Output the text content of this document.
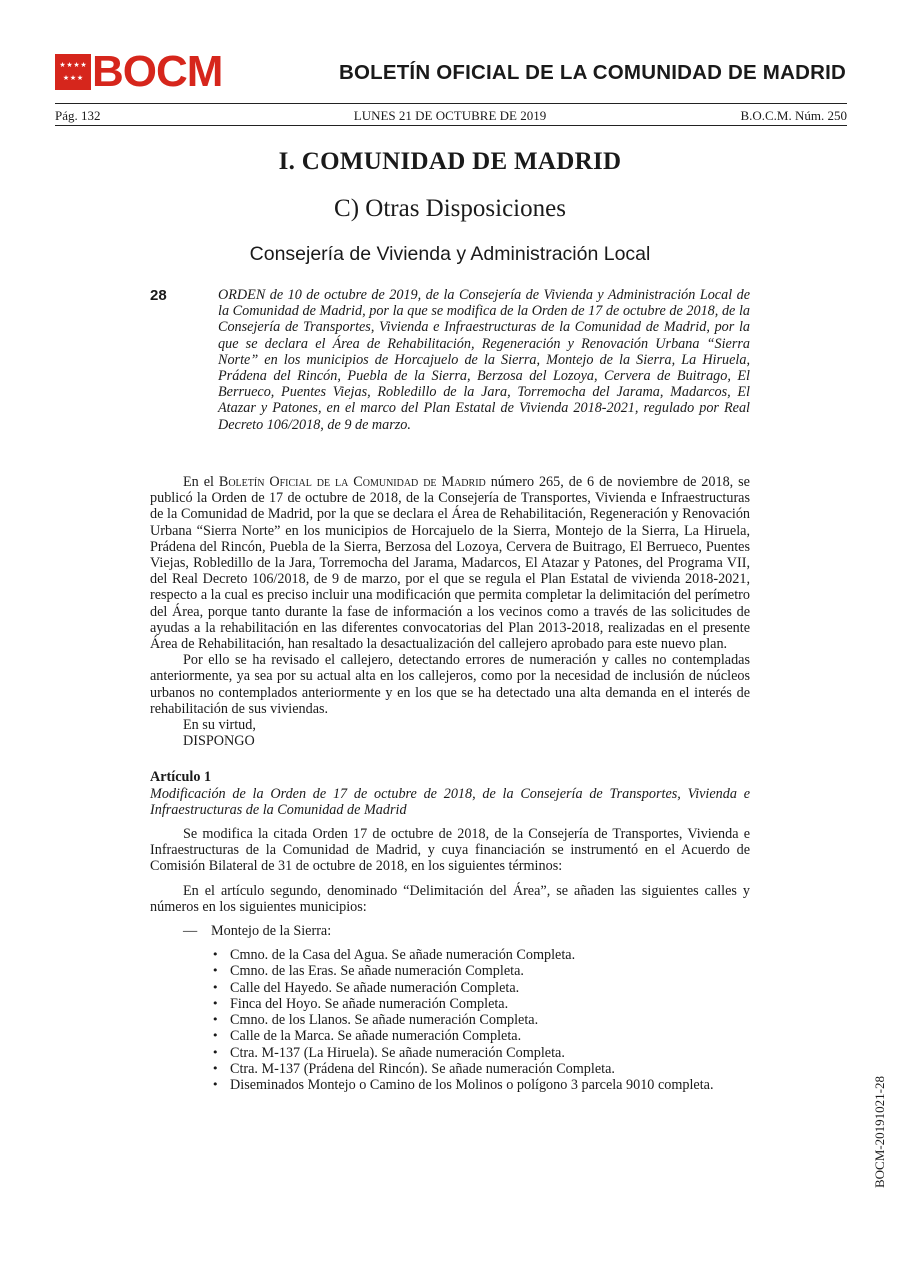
★ ★ ★ ★
★ ★ ★ BOCM	BOLETÍN OFICIAL DE LA COMUNIDAD DE MADRID
Pág. 132	LUNES 21 DE OCTUBRE DE 2019	B.O.C.M. Núm. 250
I. COMUNIDAD DE MADRID
C) Otras Disposiciones
Consejería de Vivienda y Administración Local
28	ORDEN de 10 de octubre de 2019, de la Consejería de Vivienda y Administración Local de la Comunidad de Madrid, por la que se modifica de la Orden de 17 de octubre de 2018, de la Consejería de Transportes, Vivienda e Infraestructuras de la Comunidad de Madrid, por la que se declara el Área de Rehabilitación, Regeneración y Renovación Urbana “Sierra Norte” en los municipios de Horcajuelo de la Sierra, Montejo de la Sierra, La Hiruela, Prádena del Rincón, Puebla de la Sierra, Berzosa del Lozoya, Cervera de Buitrago, El Berrueco, Puentes Viejas, Robledillo de la Jara, Torremocha del Jarama, Madarcos, El Atazar y Patones, en el marco del Plan Estatal de Vivienda 2018-2021, regulado por Real Decreto 106/2018, de 9 de marzo.

En el Boletín Oficial de la Comunidad de Madrid número 265, de 6 de noviembre de 2018, se publicó la Orden de 17 de octubre de 2018, de la Consejería de Transportes, Vivienda e Infraestructuras de la Comunidad de Madrid, por la que se declara el Área de Rehabilitación, Regeneración y Renovación Urbana “Sierra Norte” en los municipios de Horcajuelo de la Sierra, Montejo de la Sierra, La Hiruela, Prádena del Rincón, Puebla de la Sierra, Berzosa del Lozoya, Cervera de Buitrago, El Berrueco, Puentes Viejas, Robledillo de la Jara, Torremocha del Jarama, Madarcos, El Atazar y Patones, del Programa VII, del Real Decreto 106/2018, de 9 de marzo, por el que se regula el Plan Estatal de vivienda 2018-2021, respecto a la cual es preciso incluir una modificación que permita completar la delimitación del perímetro del Área, porque tanto durante la fase de información a los vecinos como a través de las solicitudes de ayudas a la rehabilitación en las diferentes convocatorias del Plan 2013-2018, realizadas en el presente Área de Rehabilitación, han resaltado la desactualización del callejero aprobado para este nuevo plan.

Por ello se ha revisado el callejero, detectando errores de numeración y calles no contempladas anteriormente, ya sea por su actual alta en los callejeros, como por la necesidad de inclusión de núcleos urbanos no contemplados anteriormente y en los que se ha detectado una alta demanda en el interés de rehabilitación de sus viviendas.

En su virtud,

DISPONGO

Artículo 1

Modificación de la Orden de 17 de octubre de 2018, de la Consejería de Transportes, Vivienda e Infraestructuras de la Comunidad de Madrid

Se modifica la citada Orden 17 de octubre de 2018, de la Consejería de Transportes, Vivienda e Infraestructuras de la Comunidad de Madrid, y cuya financiación se instrumentó en el Acuerdo de Comisión Bilateral de 31 de octubre de 2018, en los siguientes términos:

En el artículo segundo, denominado “Delimitación del Área”, se añaden las siguientes calles y números en los siguientes municipios:

— Montejo de la Sierra:
• Cmno. de la Casa del Agua. Se añade numeración Completa.
• Cmno. de las Eras. Se añade numeración Completa.
• Calle del Hayedo. Se añade numeración Completa.
• Finca del Hoyo. Se añade numeración Completa.
• Cmno. de los Llanos. Se añade numeración Completa.
• Calle de la Marca. Se añade numeración Completa.
• Ctra. M-137 (La Hiruela). Se añade numeración Completa.
• Ctra. M-137 (Prádena del Rincón). Se añade numeración Completa.
• Diseminados Montejo o Camino de los Molinos o polígono 3 parcela 9010 completa.	BOCM-20191021-28
